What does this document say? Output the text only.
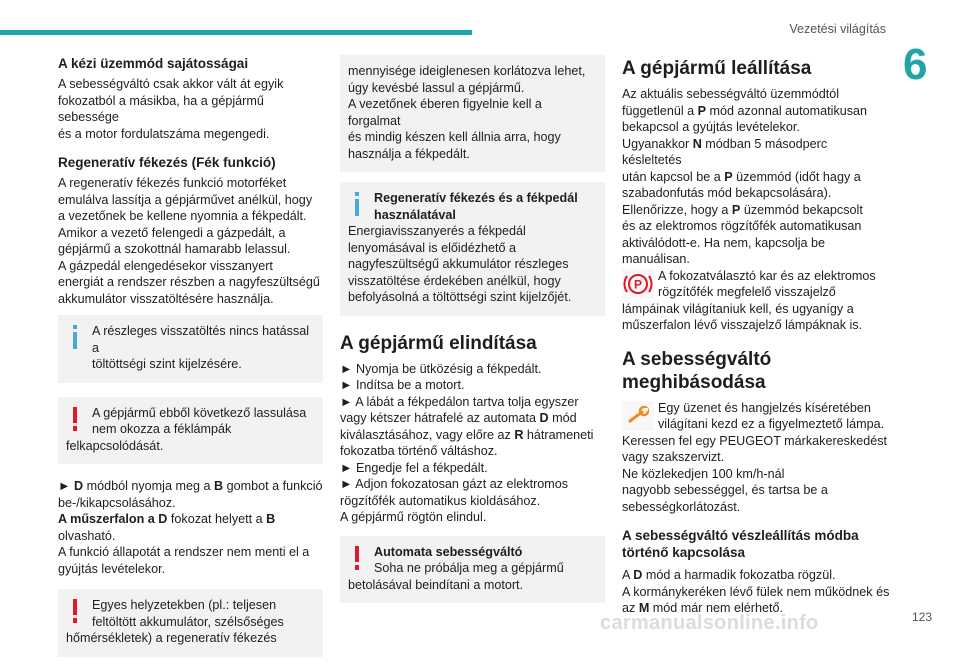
Vezetési világítás
6
123
carmanualsonline.info
A kézi üzemmód sajátosságai

A sebességváltó csak akkor vált át egyik
fokozatból a másikba, ha a gépjármű sebessége
és a motor fordulatszáma megengedi.

Regeneratív fékezés (Fék funkció)

A regeneratív fékezés funkció motorféket
emulálva lassítja a gépjárművet anélkül, hogy
a vezetőnek be kellene nyomnia a fékpedált.
Amikor a vezető felengedi a gázpedált, a
gépjármű a szokottnál hamarabb lelassul.
A gázpedál elengedésekor visszanyert
energiát a rendszer részben a nagyfeszültségű
akkumulátor visszatöltésére használja.

A részleges visszatöltés nincs hatással a
töltöttségi szint kijelzésére.
A gépjármű ebből következő lassulása
nem okozza a féklámpák
felkapcsolódását.

► D módból nyomja meg a B gombot a funkció
be-/kikapcsolásához.
A műszerfalon a D fokozat helyett a B
olvasható.
A funkció állapotát a rendszer nem menti el a
gyújtás levételekor.

Egyes helyzetekben (pl.: teljesen
feltöltött akkumulátor, szélsőséges
hőmérsékletek) a regeneratív fékezés
mennyisége ideiglenesen korlátozva lehet,
úgy kevésbé lassul a gépjármű.
A vezetőnek éberen figyelnie kell a forgalmat
és mindig készen kell állnia arra, hogy
használja a fékpedált.
Regeneratív fékezés és a fékpedál
használatával
Energiavisszanyerés a fékpedál
lenyomásával is előidézhető a
nagyfeszültségű akkumulátor részleges
visszatöltése érdekében anélkül, hogy
befolyásolná a töltöttségi szint kijelzőjét.
A gépjármű elindítása

► Nyomja be ütközésig a fékpedált.

► Indítsa be a motort.

► A lábát a fékpedálon tartva tolja egyszer
vagy kétszer hátrafelé az automata D mód
kiválasztásához, vagy előre az R hátrameneti
fokozatba történő váltáshoz.

► Engedje fel a fékpedált.

► Adjon fokozatosan gázt az elektromos
rögzítőfék automatikus kioldásához.
A gépjármű rögtön elindul.

Automata sebességváltó
Soha ne próbálja meg a gépjármű
betolásával beindítani a motort.
A gépjármű leállítása

Az aktuális sebességváltó üzemmódtól
függetlenül a P mód azonnal automatikusan
bekapcsol a gyújtás levételekor.
Ugyanakkor N módban 5 másodperc késleltetés
után kapcsol be a P üzemmód (időt hagy a
szabadonfutás mód bekapcsolására).
Ellenőrizze, hogy a P üzemmód bekapcsolt
és az elektromos rögzítőfék automatikusan
aktiválódott-e. Ha nem, kapcsolja be manuálisan.

P
A fokozatválasztó kar és az elektromos
rögzítőfék megfelelő visszajelző
lámpáinak világítaniuk kell, és ugyanígy a
műszerfalon lévő visszajelző lámpáknak is.
A sebességváltó
meghibásodása
Egy üzenet és hangjelzés kíséretében
világítani kezd ez a figyelmeztető lámpa.
Keressen fel egy PEUGEOT márkakereskedést
vagy szakszervizt.
Ne közlekedjen 100 km/h-nál
nagyobb sebességgel, és tartsa be a
sebességkorlátozást.
A sebességváltó vészleállítás módba
történő kapcsolása

A D mód a harmadik fokozatba rögzül.
A kormánykeréken lévő fülek nem működnek és
az M mód már nem elérhető.
